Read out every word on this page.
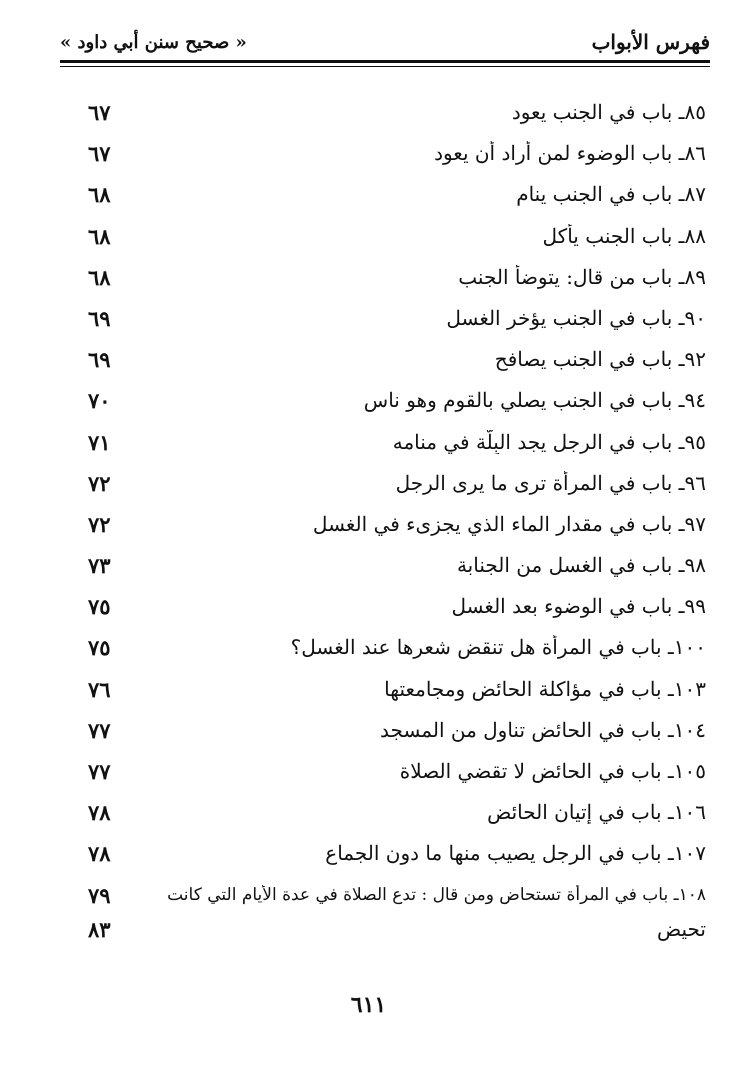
فهرس الأبواب
« صحيح سنن أبي داود »
٨٥ـ باب في الجنب يعود
٦٧
٨٦ـ باب الوضوء لمن أراد أن يعود
٦٧
٨٧ـ باب في الجنب ينام
٦٨
٨٨ـ باب الجنب يأكل
٦٨
٨٩ـ باب من قال: يتوضأ الجنب
٦٨
٩٠ـ باب في الجنب يؤخر الغسل
٦٩
٩٢ـ باب في الجنب يصافح
٦٩
٩٤ـ باب في الجنب يصلي بالقوم وهو ناسٍ
٧٠
٩٥ـ باب في الرجل يجد البِلَّة في منامه
٧١
٩٦ـ باب في المرأة ترى ما يرى الرجل
٧٢
٩٧ـ باب في مقدار الماء الذي يجزىء في الغسل
٧٢
٩٨ـ باب في الغسل من الجنابة
٧٣
٩٩ـ باب في الوضوء بعد الغسل
٧٥
١٠٠ـ باب في المرأة هل تنقض شعرها عند الغسل؟
٧٥
١٠٣ـ باب في مؤاكلة الحائض ومجامعتها
٧٦
١٠٤ـ باب في الحائض تناول من المسجد
٧٧
١٠٥ـ باب في الحائض لا تقضي الصلاة
٧٧
١٠٦ـ باب في إتيان الحائض
٧٨
١٠٧ـ باب في الرجل يصيب منها ما دون الجماع
٧٨
١٠٨ـ باب في المرأة تستحاض ومن قال : تدع الصلاة في عدة الأيام التي كانت
٧٩
تحيض
٨٣
٦١١
